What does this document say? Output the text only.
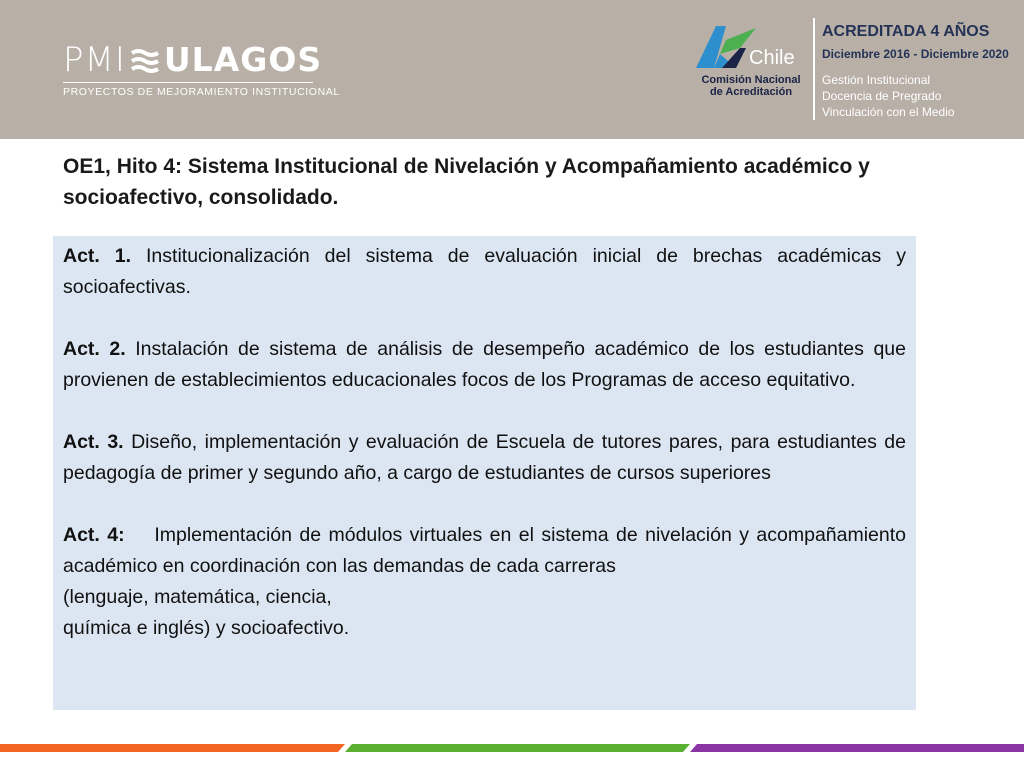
PMI ULAGOS
PROYECTOS DE MEJORAMIENTO INSTITUCIONAL
Chile
Comisión Nacional
de Acreditación
ACREDITADA 4 AÑOS
Diciembre 2016 - Diciembre 2020
Gestión Institucional
Docencia de Pregrado
Vinculación con el Medio
OE1, Hito 4: Sistema Institucional de Nivelación y Acompañamiento académico y socioafectivo, consolidado.

Act. 1. Institucionalización del sistema de evaluación inicial de brechas académicas y socioafectivas.

Act. 2. Instalación de sistema de análisis de desempeño académico de los estudiantes que provienen de establecimientos educacionales focos de los Programas de acceso equitativo.

Act. 3. Diseño, implementación y evaluación de Escuela de tutores pares, para estudiantes de pedagogía de primer y segundo año, a cargo de estudiantes de cursos superiores

Act. 4: Implementación de módulos virtuales en el sistema de nivelación y acompañamiento académico en coordinación con las demandas de cada carreras
(lenguaje, matemática, ciencia,
química e inglés) y socioafectivo.
